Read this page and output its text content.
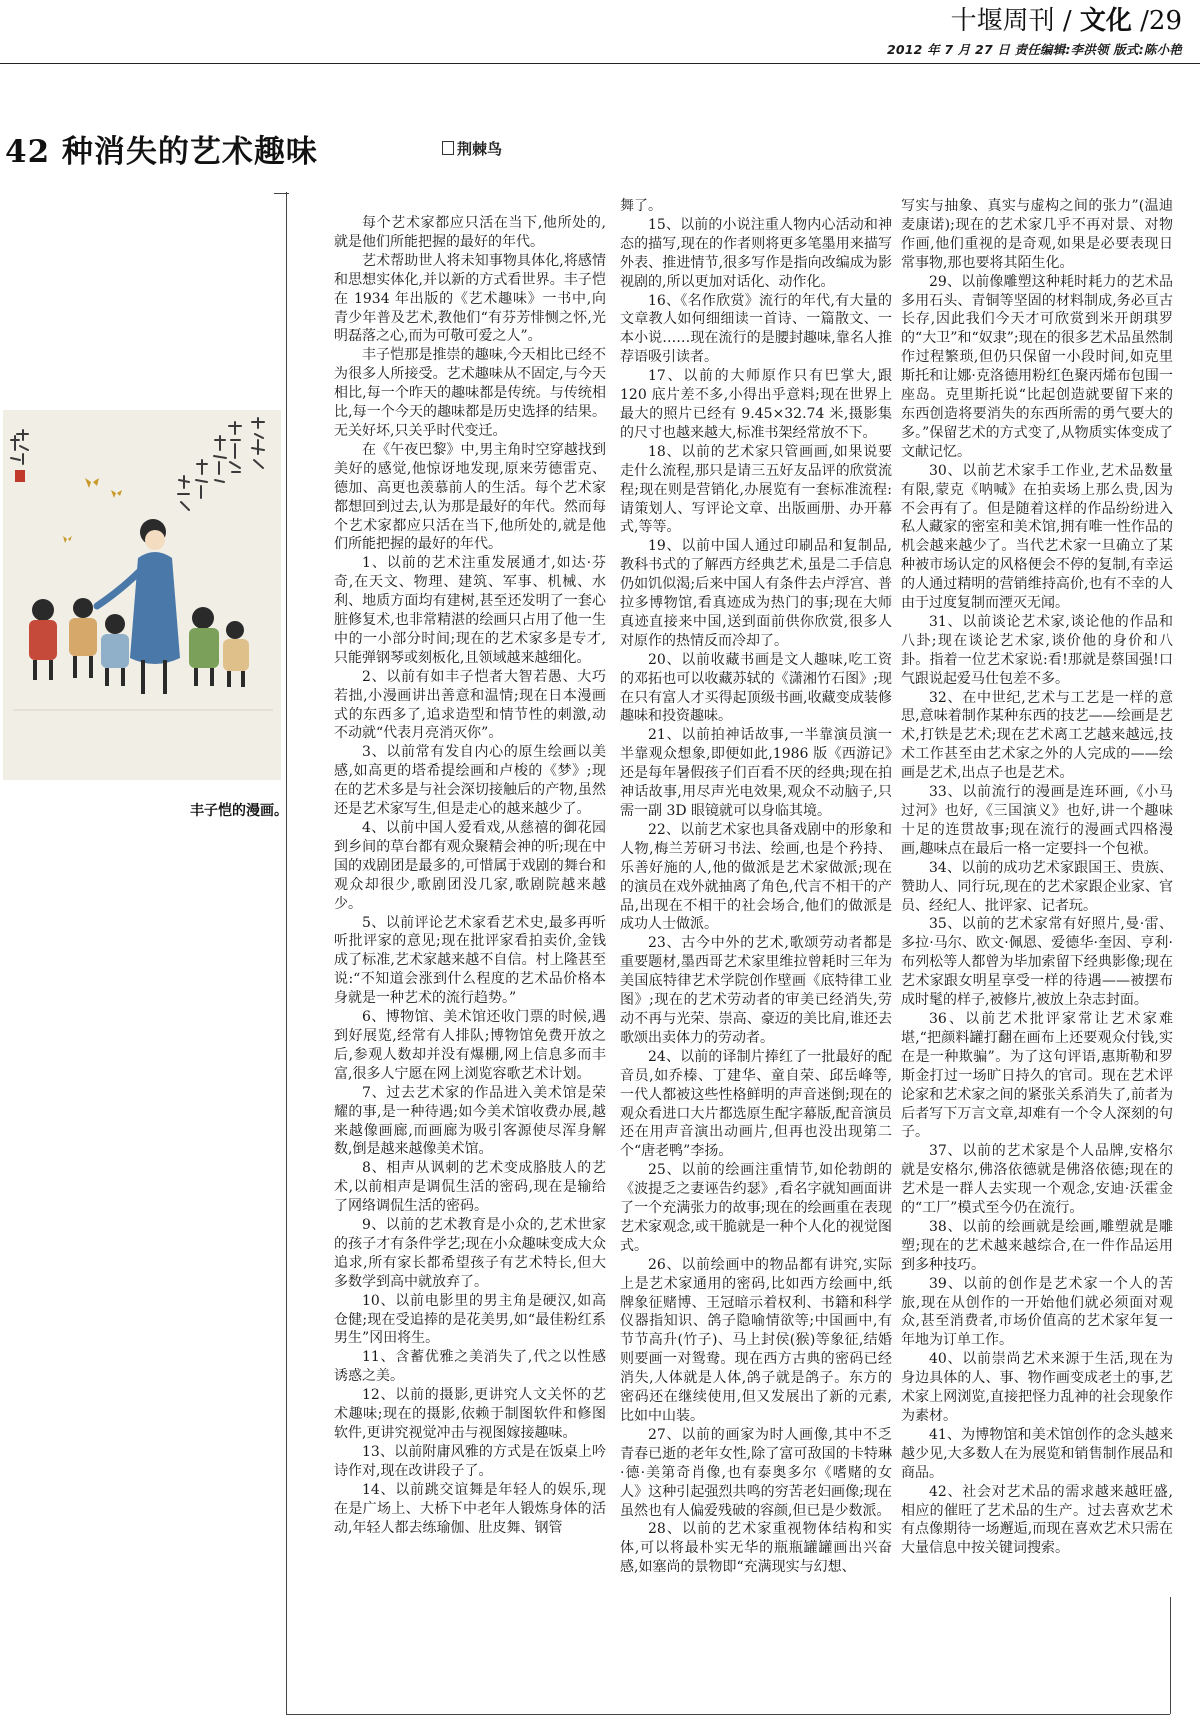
十堰周刊 / 文化 /29
2012 年 7 月 27 日 责任编辑:李洪领 版式:陈小艳
42 种消失的艺术趣味	荆棘鸟
桃花开时见儿女草上春风又一年 子恺
丰子恺的漫画。

每个艺术家都应只活在当下,他所处的,就是他们所能把握的最好的年代。

艺术帮助世人将未知事物具体化,将感情和思想实体化,并以新的方式看世界。丰子恺在 1934 年出版的《艺术趣味》一书中,向青少年普及艺术,教他们“有芬芳悱恻之怀,光明磊落之心,而为可敬可爱之人”。

丰子恺那是推崇的趣味,今天相比已经不为很多人所接受。艺术趣味从不固定,与今天相比,每一个昨天的趣味都是传统。与传统相比,每一个今天的趣味都是历史选择的结果。无关好坏,只关乎时代变迁。

在《午夜巴黎》中,男主角时空穿越找到美好的感觉,他惊讶地发现,原来劳德雷克、德加、高更也羡慕前人的生活。每个艺术家都想回到过去,认为那是最好的年代。然而每个艺术家都应只活在当下,他所处的,就是他们所能把握的最好的年代。

1、以前的艺术注重发展通才,如达·芬奇,在天文、物理、建筑、军事、机械、水利、地质方面均有建树,甚至还发明了一套心脏修复术,也非常精湛的绘画只占用了他一生中的一小部分时间;现在的艺术家多是专才,只能弹钢琴或刻板化,且领域越来越细化。

2、以前有如丰子恺者大智若愚、大巧若拙,小漫画讲出善意和温情;现在日本漫画式的东西多了,追求造型和情节性的刺激,动不动就“代表月亮消灭你”。

3、以前常有发自内心的原生绘画以美感,如高更的塔希提绘画和卢梭的《梦》;现在的艺术多是与社会深切接触后的产物,虽然还是艺术家写生,但是走心的越来越少了。

4、以前中国人爱看戏,从慈禧的御花园到乡间的草台都有观众聚精会神的听;现在中国的戏剧团是最多的,可惜属于戏剧的舞台和观众却很少,歌剧团没几家,歌剧院越来越少。

5、以前评论艺术家看艺术史,最多再听听批评家的意见;现在批评家看拍卖价,金钱成了标准,艺术家越来越不自信。村上隆甚至说:“不知道会涨到什么程度的艺术品价格本身就是一种艺术的流行趋势。”

6、博物馆、美术馆还收门票的时候,遇到好展览,经常有人排队;博物馆免费开放之后,参观人数却并没有爆棚,网上信息多而丰富,很多人宁愿在网上浏览容歌艺术计划。

7、过去艺术家的作品进入美术馆是荣耀的事,是一种待遇;如今美术馆收费办展,越来越像画廊,而画廊为吸引客源使尽浑身解数,倒是越来越像美术馆。

8、相声从讽刺的艺术变成胳肢人的艺术,以前相声是调侃生活的密码,现在是输给了网络调侃生活的密码。

9、以前的艺术教育是小众的,艺术世家的孩子才有条件学艺;现在小众趣味变成大众追求,所有家长都希望孩子有艺术特长,但大多数学到高中就放弃了。

10、以前电影里的男主角是硬汉,如高仓健;现在受追捧的是花美男,如“最佳粉红系男生”冈田将生。

11、含蓄优雅之美消失了,代之以性感诱惑之美。

12、以前的摄影,更讲究人文关怀的艺术趣味;现在的摄影,依赖于制图软件和修图软件,更讲究视觉冲击与视图嫁接趣味。

13、以前附庸风雅的方式是在饭桌上吟诗作对,现在改讲段子了。

14、以前跳交谊舞是年轻人的娱乐,现在是广场上、大桥下中老年人锻炼身体的活动,年轻人都去练瑜伽、肚皮舞、钢管

舞了。

15、以前的小说注重人物内心活动和神态的描写,现在的作者则将更多笔墨用来描写外表、推进情节,很多写作是指向改编成为影视剧的,所以更加对话化、动作化。

16、《名作欣赏》流行的年代,有大量的文章教人如何细细读一首诗、一篇散文、一本小说……现在流行的是腰封趣味,靠名人推荐语吸引读者。

17、以前的大师原作只有巴掌大,跟 120 底片差不多,小得出乎意料;现在世界上最大的照片已经有 9.45×32.74 米,摄影集的尺寸也越来越大,标准书架经常放不下。

18、以前的艺术家只管画画,如果说要走什么流程,那只是请三五好友品评的欣赏流程;现在则是营销化,办展览有一套标准流程:请策划人、写评论文章、出版画册、办开幕式,等等。

19、以前中国人通过印刷品和复制品,教科书式的了解西方经典艺术,虽是二手信息仍如饥似渴;后来中国人有条件去卢浮宫、普拉多博物馆,看真迹成为热门的事;现在大师真迹直接来中国,送到面前供你欣赏,很多人对原作的热情反而冷却了。

20、以前收藏书画是文人趣味,吃工资的邓拓也可以收藏苏轼的《潇湘竹石图》;现在只有富人才买得起顶级书画,收藏变成装修趣味和投资趣味。

21、以前拍神话故事,一半靠演员演一半靠观众想象,即便如此,1986 版《西游记》还是每年暑假孩子们百看不厌的经典;现在拍神话故事,用尽声光电效果,观众不动脑子,只需一副 3D 眼镜就可以身临其境。

22、以前艺术家也具备戏剧中的形象和人物,梅兰芳研习书法、绘画,也是个矜持、乐善好施的人,他的做派是艺术家做派;现在的演员在戏外就抽离了角色,代言不相干的产品,出现在不相干的社会场合,他们的做派是成功人士做派。

23、古今中外的艺术,歌颂劳动者都是重要题材,墨西哥艺术家里维拉曾耗时三年为美国底特律艺术学院创作壁画《底特律工业图》;现在的艺术劳动者的审美已经消失,劳动不再与光荣、崇高、豪迈的美比肩,谁还去歌颂出卖体力的劳动者。

24、以前的译制片捧红了一批最好的配音员,如乔榛、丁建华、童自荣、邱岳峰等,一代人都被这些性格鲜明的声音迷倒;现在的观众看进口大片都选原生配字幕版,配音演员还在用声音演出动画片,但再也没出现第二个“唐老鸭”李扬。

25、以前的绘画注重情节,如伦勃朗的《波提乏之妻诬告约瑟》,看名字就知画面讲了一个充满张力的故事;现在的绘画重在表现艺术家观念,或干脆就是一种个人化的视觉图式。

26、以前绘画中的物品都有讲究,实际上是艺术家通用的密码,比如西方绘画中,纸牌象征赌博、王冠暗示着权利、书籍和科学仪器指知识、鸽子隐喻情欲等;中国画中,有节节高升(竹子)、马上封侯(猴)等象征,结婚则要画一对鸳鸯。现在西方古典的密码已经消失,人体就是人体,鸽子就是鸽子。东方的密码还在继续使用,但又发展出了新的元素,比如中山装。

27、以前的画家为时人画像,其中不乏青春已逝的老年女性,除了富可敌国的卡特琳·德·美第奇肖像,也有泰奥多尔《嗜赌的女人》这种引起强烈共鸣的穷苦老妇画像;现在虽然也有人偏爱残破的容颜,但已是少数派。

28、以前的艺术家重视物体结构和实体,可以将最朴实无华的瓶瓶罐罐画出兴奋感,如塞尚的景物即“充满现实与幻想、

写实与抽象、真实与虚构之间的张力”(温迪麦康诺);现在的艺术家几乎不再对景、对物作画,他们重视的是奇观,如果是必要表现日常事物,那也要将其陌生化。

29、以前像雕塑这种耗时耗力的艺术品多用石头、青铜等坚固的材料制成,务必亘古长存,因此我们今天才可欣赏到米开朗琪罗的“大卫”和“奴隶”;现在的很多艺术品虽然制作过程繁琐,但仍只保留一小段时间,如克里斯托和让娜·克洛德用粉红色聚丙烯布包围一座岛。克里斯托说“比起创造就要留下来的东西创造将要消失的东西所需的勇气要大的多。”保留艺术的方式变了,从物质实体变成了文献记忆。

30、以前艺术家手工作业,艺术品数量有限,蒙克《呐喊》在拍卖场上那么贵,因为不会再有了。但是随着这样的作品纷纷进入私人藏家的密室和美术馆,拥有唯一性作品的机会越来越少了。当代艺术家一旦确立了某种被市场认定的风格便会不停的复制,有幸运的人通过精明的营销维持高价,也有不幸的人由于过度复制而湮灭无闻。

31、以前谈论艺术家,谈论他的作品和八卦;现在谈论艺术家,谈价他的身价和八卦。指着一位艺术家说:看!那就是蔡国强!口气跟说起爱马仕包差不多。

32、在中世纪,艺术与工艺是一样的意思,意味着制作某种东西的技艺——绘画是艺术,打铁是艺术;现在艺术离工艺越来越远,技术工作甚至由艺术家之外的人完成的——绘画是艺术,出点子也是艺术。

33、以前流行的漫画是连环画,《小马过河》也好,《三国演义》也好,讲一个趣味十足的连贯故事;现在流行的漫画式四格漫画,趣味点在最后一格一定要抖一个包袱。

34、以前的成功艺术家跟国王、贵族、赞助人、同行玩,现在的艺术家跟企业家、官员、经纪人、批评家、记者玩。

35、以前的艺术家常有好照片,曼·雷、多拉·马尔、欧文·佩恩、爱德华·奎因、亨利·布列松等人都曾为毕加索留下经典影像;现在艺术家跟女明星享受一样的待遇——被摆布成时髦的样子,被修片,被放上杂志封面。

36、以前艺术批评家常让艺术家难堪,“把颜料罐打翻在画布上还要观众付钱,实在是一种欺骗”。为了这句评语,惠斯勒和罗斯金打过一场旷日持久的官司。现在艺术评论家和艺术家之间的紧张关系消失了,前者为后者写下万言文章,却难有一个令人深刻的句子。

37、以前的艺术家是个人品牌,安格尔就是安格尔,佛洛依德就是佛洛依德;现在的艺术是一群人去实现一个观念,安迪·沃霍金的“工厂”模式至今仍在流行。

38、以前的绘画就是绘画,雕塑就是雕塑;现在的艺术越来越综合,在一件作品运用到多种技巧。

39、以前的创作是艺术家一个人的苦旅,现在从创作的一开始他们就必须面对观众,甚至消费者,市场价值高的艺术家年复一年地为订单工作。

40、以前崇尚艺术来源于生活,现在为身边具体的人、事、物作画变成老土的事,艺术家上网浏览,直接把怪力乱神的社会现象作为素材。

41、为博物馆和美术馆创作的念头越来越少见,大多数人在为展览和销售制作展品和商品。

42、社会对艺术品的需求越来越旺盛,相应的催旺了艺术品的生产。过去喜欢艺术有点像期待一场邂逅,而现在喜欢艺术只需在大量信息中按关键词搜索。
